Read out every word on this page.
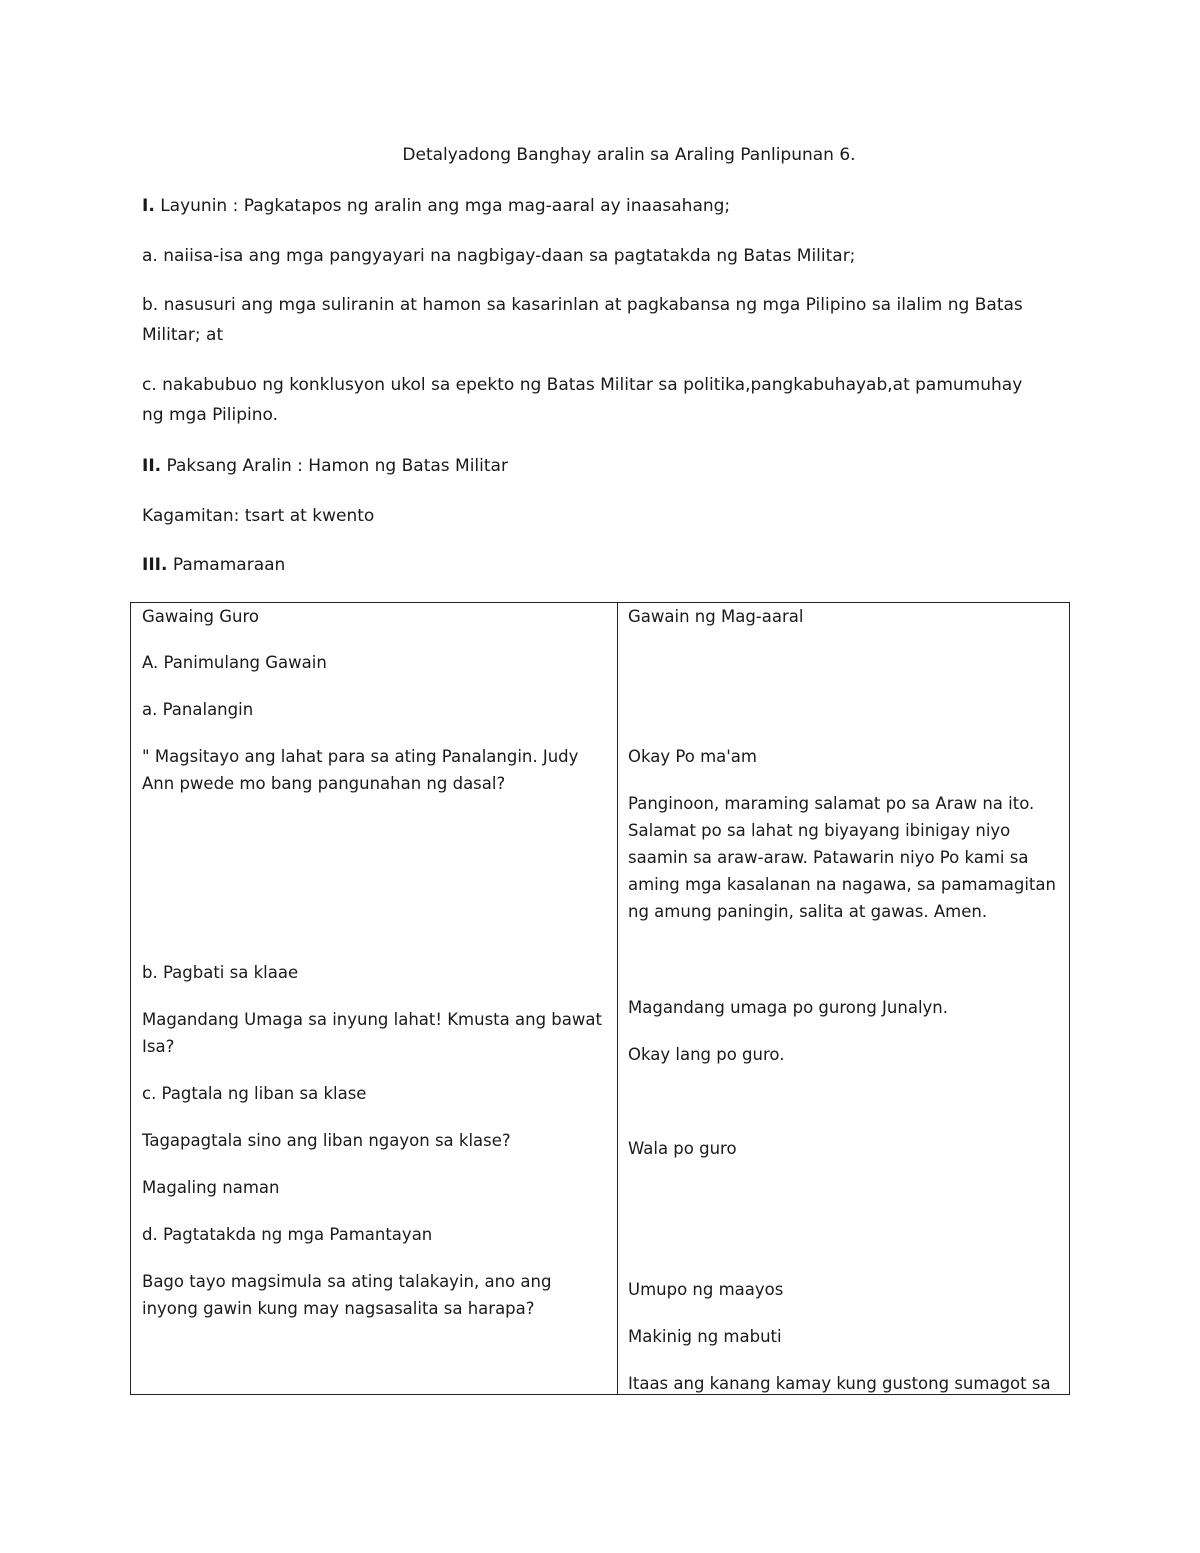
Detalyadong Banghay aralin sa Araling Panlipunan 6.

I. Layunin : Pagkatapos ng aralin ang mga mag-aaral ay inaasahang;

a. naiisa-isa ang mga pangyayari na nagbigay-daan sa pagtatakda ng Batas Militar;

b. nasusuri ang mga suliranin at hamon sa kasarinlan at pagkabansa ng mga Pilipino sa ilalim ng Batas Militar; at

c. nakabubuo ng konklusyon ukol sa epekto ng Batas Militar sa politika,pangkabuhayab,at pamumuhay ng mga Pilipino.

II. Paksang Aralin : Hamon ng Batas Militar

Kagamitan: tsart at kwento

III. Pamamaraan

Gawaing Guro

A. Panimulang Gawain

a. Panalangin

" Magsitayo ang lahat para sa ating Panalangin. Judy Ann pwede mo bang pangunahan ng dasal?

b. Pagbati sa klaae

Magandang Umaga sa inyung lahat! Kmusta ang bawat Isa?

c. Pagtala ng liban sa klase

Tagapagtala sino ang liban ngayon sa klase?

Magaling naman

d. Pagtatakda ng mga Pamantayan

Bago tayo magsimula sa ating talakayin, ano ang inyong gawin kung may nagsasalita sa harapa?

Gawain ng Mag-aaral

Okay Po ma'am

Panginoon, maraming salamat po sa Araw na ito. Salamat po sa lahat ng biyayang ibinigay niyo saamin sa araw-araw. Patawarin niyo Po kami sa aming mga kasalanan na nagawa, sa pamamagitan ng amung paningin, salita at gawas. Amen.

Magandang umaga po gurong Junalyn.

Okay lang po guro.

Wala po guro

Umupo ng maayos

Makinig ng mabuti

Itaas ang kanang kamay kung gustong sumagot sa
